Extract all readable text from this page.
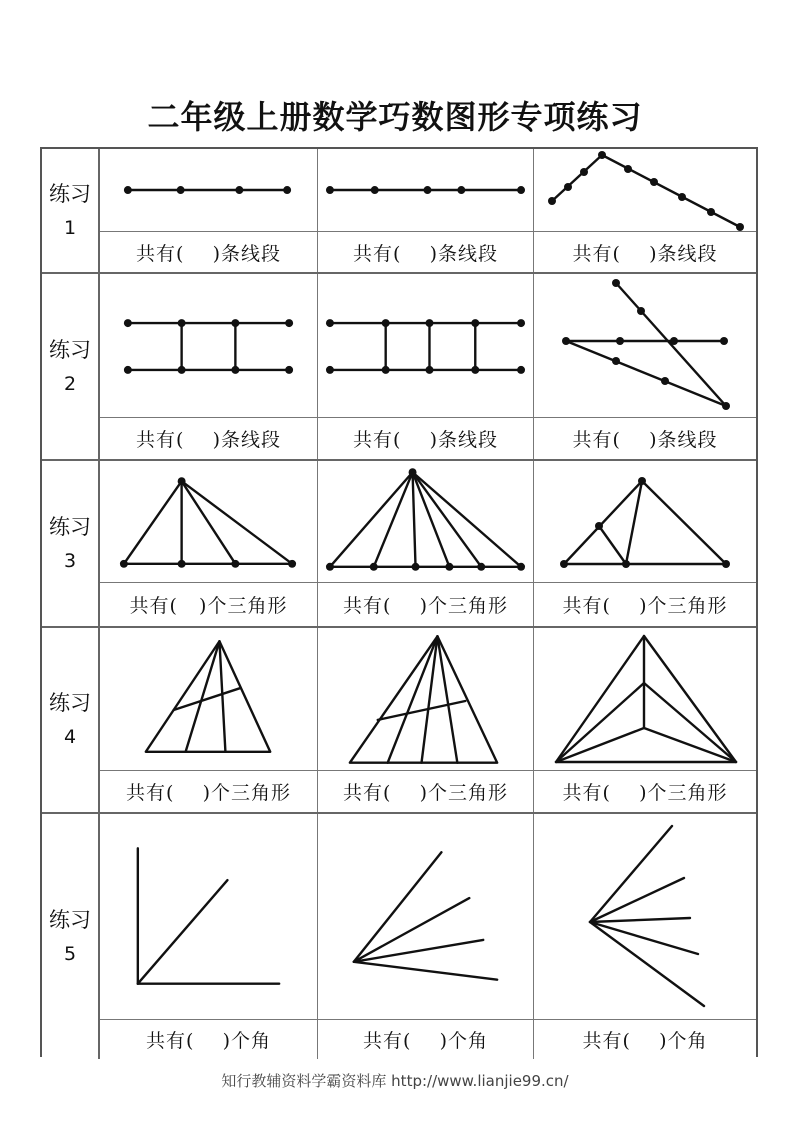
二年级上册数学巧数图形专项练习
练习
1
共有(    )条线段	共有(    )条线段	共有(    )条线段
练习
2
共有(    )条线段	共有(    )条线段	共有(    )条线段
练习
3
共有(   )个三角形	共有(    )个三角形	共有(    )个三角形
练习
4
共有(    )个三角形	共有(    )个三角形	共有(    )个三角形
练习
5
共有(    )个角	共有(    )个角	共有(    )个角
知行教辅资料学霸资料库 http://www.lianjie99.cn/
